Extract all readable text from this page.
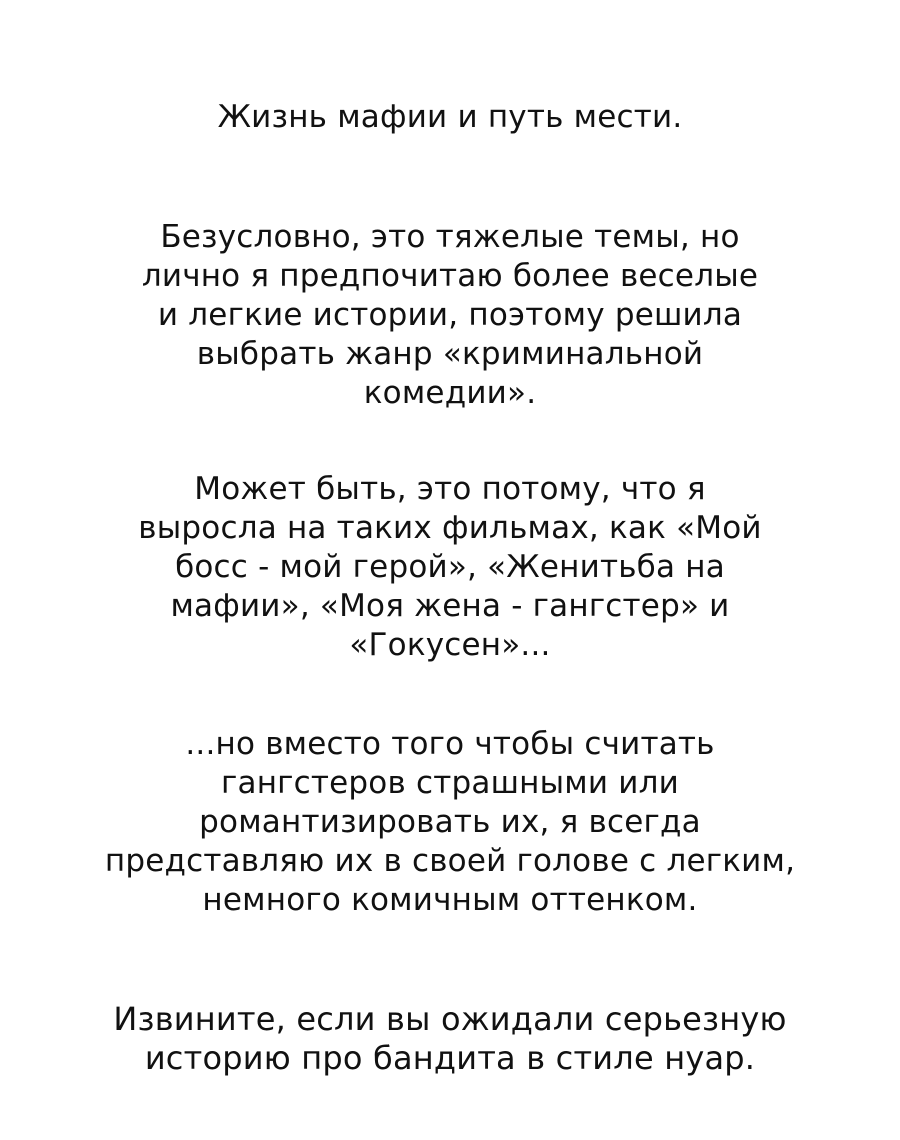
Жизнь мафии и путь мести.
Безусловно, это тяжелые темы, но
лично я предпочитаю более веселые
и легкие истории, поэтому решила
выбрать жанр «криминальной
комедии».
Может быть, это потому, что я
выросла на таких фильмах, как «Мой
босс - мой герой», «Женитьба на
мафии», «Моя жена - гангстер» и
«Гокусен»...
...но вместо того чтобы считать
гангстеров страшными или
романтизировать их, я всегда
представляю их в своей голове с легким,
немного комичным оттенком.
Извините, если вы ожидали серьезную
историю про бандита в стиле нуар.
